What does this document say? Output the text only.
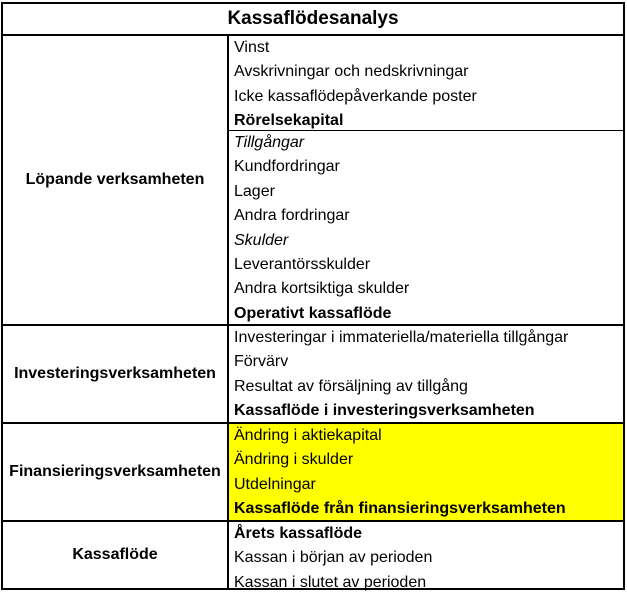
Kassaflödesanalys
Löpande verksamheten
Vinst
Avskrivningar och nedskrivningar
Icke kassaflödepåverkande poster
Rörelsekapital
Tillgångar
Kundfordringar
Lager
Andra fordringar
Skulder
Leverantörsskulder
Andra kortsiktiga skulder
Operativt kassaflöde
Investeringsverksamheten
Investeringar i immateriella/materiella tillgångar
Förvärv
Resultat av försäljning av tillgång
Kassaflöde i investeringsverksamheten
Finansieringsverksamheten
Ändring i aktiekapital
Ändring i skulder
Utdelningar
Kassaflöde från finansieringsverksamheten
Kassaflöde
Årets kassaflöde
Kassan i början av perioden
Kassan i slutet av perioden
